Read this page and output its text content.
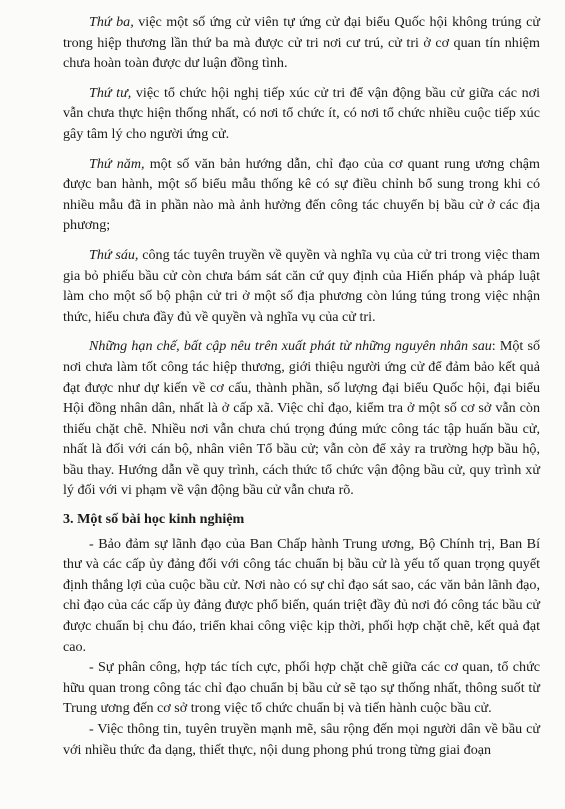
Thứ ba, việc một số ứng cử viên tự ứng cử đại biểu Quốc hội không trúng cử trong hiệp thương lần thứ ba mà được cử tri nơi cư trú, cử tri ở cơ quan tín nhiệm chưa hoàn toàn được dư luận đồng tình.

Thứ tư, việc tổ chức hội nghị tiếp xúc cử tri để vận động bầu cử giữa các nơi vẫn chưa thực hiện thống nhất, có nơi tổ chức ít, có nơi tổ chức nhiều cuộc tiếp xúc gây tâm lý cho người ứng cử.

Thứ năm, một số văn bản hướng dẫn, chỉ đạo của cơ quant rung ương chậm được ban hành, một số biểu mẫu thống kê có sự điều chỉnh bổ sung trong khi có nhiều mẫu đã in phần nào mà ảnh hưởng đến công tác chuyển bị bầu cử ở các địa phương;

Thứ sáu, công tác tuyên truyền về quyền và nghĩa vụ của cử tri trong việc tham gia bỏ phiếu bầu cử còn chưa bám sát căn cứ quy định của Hiến pháp và pháp luật làm cho một số bộ phận cử tri ở một số địa phương còn lúng túng trong việc nhận thức, hiểu chưa đầy đủ về quyền và nghĩa vụ của cử tri.

Những hạn chế, bất cập nêu trên xuất phát từ những nguyên nhân sau: Một số nơi chưa làm tốt công tác hiệp thương, giới thiệu người ứng cử để đảm bảo kết quả đạt được như dự kiến về cơ cấu, thành phần, số lượng đại biểu Quốc hội, đại biểu Hội đồng nhân dân, nhất là ở cấp xã. Việc chỉ đạo, kiểm tra ở một số cơ sở vẫn còn thiếu chặt chẽ. Nhiều nơi vẫn chưa chú trọng đúng mức công tác tập huấn bầu cử, nhất là đối với cán bộ, nhân viên Tổ bầu cử; vẫn còn để xảy ra trường hợp bầu hộ, bầu thay. Hướng dẫn về quy trình, cách thức tổ chức vận động bầu cử, quy trình xử lý đối với vi phạm về vận động bầu cử vẫn chưa rõ.

3. Một số bài học kinh nghiệm

- Bảo đảm sự lãnh đạo của Ban Chấp hành Trung ương, Bộ Chính trị, Ban Bí thư và các cấp ủy đảng đối với công tác chuẩn bị bầu cử là yếu tố quan trọng quyết định thắng lợi của cuộc bầu cử. Nơi nào có sự chỉ đạo sát sao, các văn bản lãnh đạo, chỉ đạo của các cấp ủy đảng được phổ biến, quán triệt đầy đủ nơi đó công tác bầu cử được chuẩn bị chu đáo, triển khai công việc kịp thời, phối hợp chặt chẽ, kết quả đạt cao.

- Sự phân công, hợp tác tích cực, phối hợp chặt chẽ giữa các cơ quan, tổ chức hữu quan trong công tác chỉ đạo chuẩn bị bầu cử sẽ tạo sự thống nhất, thông suốt từ Trung ương đến cơ sở trong việc tổ chức chuẩn bị và tiến hành cuộc bầu cử.

- Việc thông tin, tuyên truyền mạnh mẽ, sâu rộng đến mọi người dân về bầu cử với nhiều thức đa dạng, thiết thực, nội dung phong phú trong từng giai đoạn
